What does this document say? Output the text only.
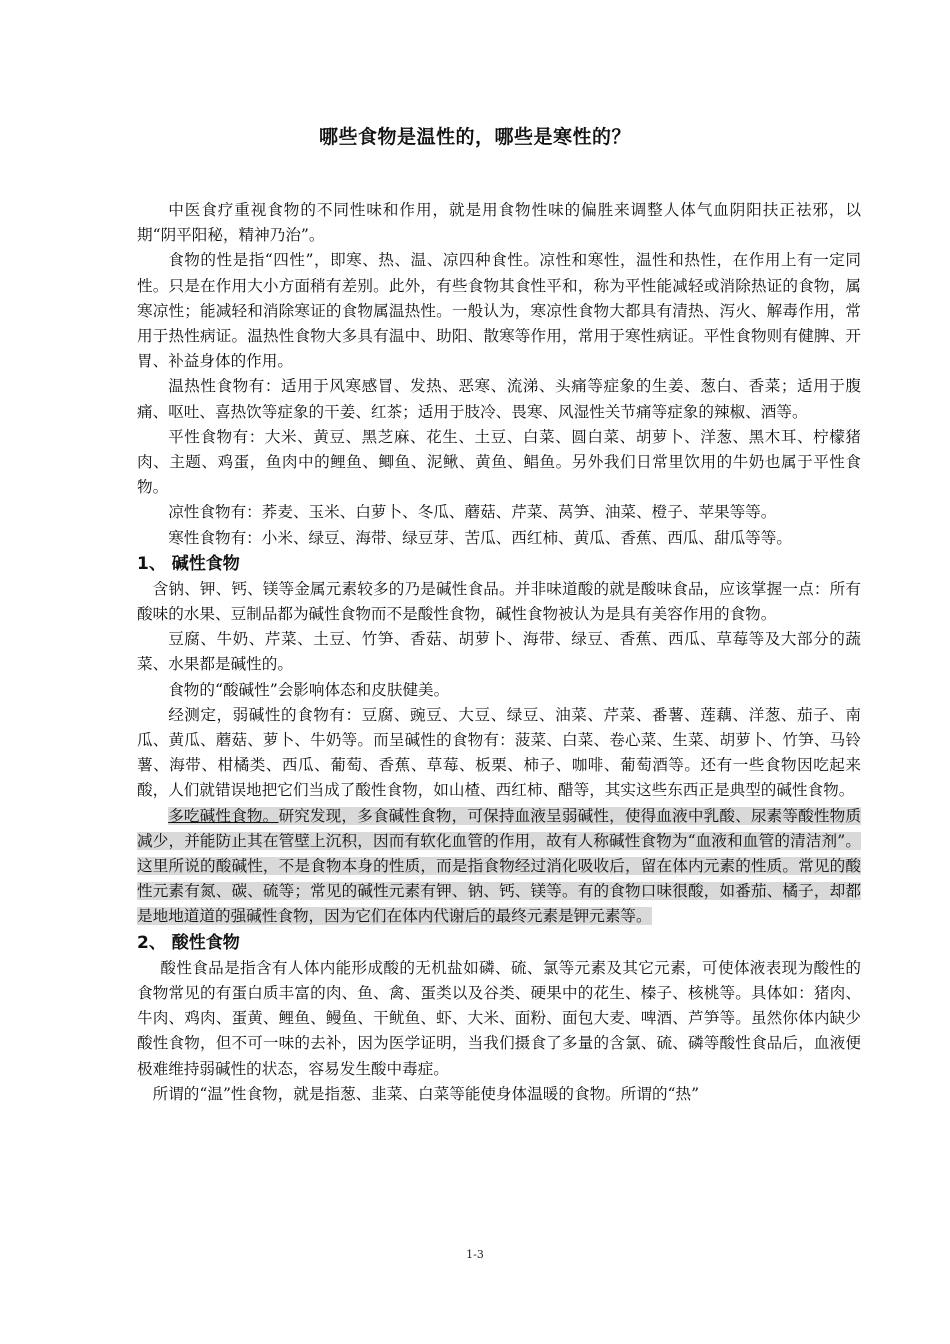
哪些食物是温性的，哪些是寒性的？

中医食疗重视食物的不同性味和作用，就是用食物性味的偏胜来调整人体气血阴阳扶正祛邪，以期“阴平阳秘，精神乃治”。

食物的性是指“四性”，即寒、热、温、凉四种食性。凉性和寒性，温性和热性，在作用上有一定同性。只是在作用大小方面稍有差别。此外，有些食物其食性平和，称为平性能减轻或消除热证的食物，属寒凉性；能减轻和消除寒证的食物属温热性。一般认为，寒凉性食物大都具有清热、泻火、解毒作用，常用于热性病证。温热性食物大多具有温中、助阳、散寒等作用，常用于寒性病证。平性食物则有健脾、开胃、补益身体的作用。

温热性食物有：适用于风寒感冒、发热、恶寒、流涕、头痛等症象的生姜、葱白、香菜；适用于腹痛、呕吐、喜热饮等症象的干姜、红茶；适用于肢冷、畏寒、风湿性关节痛等症象的辣椒、酒等。

平性食物有：大米、黄豆、黑芝麻、花生、土豆、白菜、圆白菜、胡萝卜、洋葱、黑木耳、柠檬猪肉、主题、鸡蛋，鱼肉中的鲤鱼、鲫鱼、泥鳅、黄鱼、鲳鱼。另外我们日常里饮用的牛奶也属于平性食物。

凉性食物有：荞麦、玉米、白萝卜、冬瓜、蘑菇、芹菜、莴笋、油菜、橙子、苹果等等。

寒性食物有：小米、绿豆、海带、绿豆芽、苦瓜、西红柿、黄瓜、香蕉、西瓜、甜瓜等等。

1、 碱性食物

含钠、钾、钙、镁等金属元素较多的乃是碱性食品。并非味道酸的就是酸味食品，应该掌握一点：所有酸味的水果、豆制品都为碱性食物而不是酸性食物，碱性食物被认为是具有美容作用的食物。

豆腐、牛奶、芹菜、土豆、竹笋、香菇、胡萝卜、海带、绿豆、香蕉、西瓜、草莓等及大部分的蔬菜、水果都是碱性的。

食物的“酸碱性”会影响体态和皮肤健美。

经测定，弱碱性的食物有：豆腐、豌豆、大豆、绿豆、油菜、芹菜、番薯、莲藕、洋葱、茄子、南瓜、黄瓜、蘑菇、萝卜、牛奶等。而呈碱性的食物有：菠菜、白菜、卷心菜、生菜、胡萝卜、竹笋、马铃薯、海带、柑橘类、西瓜、葡萄、香蕉、草莓、板栗、柿子、咖啡、葡萄酒等。还有一些食物因吃起来酸，人们就错误地把它们当成了酸性食物，如山楂、西红柿、醋等，其实这些东西正是典型的碱性食物。

多吃碱性食物。研究发现，多食碱性食物，可保持血液呈弱碱性，使得血液中乳酸、尿素等酸性物质减少，并能防止其在管壁上沉积，因而有软化血管的作用，故有人称碱性食物为“血液和血管的清洁剂”。这里所说的酸碱性，不是食物本身的性质，而是指食物经过消化吸收后，留在体内元素的性质。常见的酸性元素有氮、碳、硫等；常见的碱性元素有钾、钠、钙、镁等。有的食物口味很酸，如番茄、橘子，却都是地地道道的强碱性食物，因为它们在体内代谢后的最终元素是钾元素等。

2、 酸性食物

酸性食品是指含有人体内能形成酸的无机盐如磷、硫、氯等元素及其它元素，可使体液表现为酸性的食物常见的有蛋白质丰富的肉、鱼、禽、蛋类以及谷类、硬果中的花生、榛子、核桃等。具体如：猪肉、牛肉、鸡肉、蛋黄、鲤鱼、鳗鱼、干鱿鱼、虾、大米、面粉、面包大麦、啤酒、芦笋等。虽然你体内缺少酸性食物，但不可一味的去补，因为医学证明，当我们摄食了多量的含氯、硫、磷等酸性食品后，血液便极难维持弱碱性的状态，容易发生酸中毒症。

所谓的“温”性食物，就是指葱、韭菜、白菜等能使身体温暖的食物。所谓的“热”

1-3
